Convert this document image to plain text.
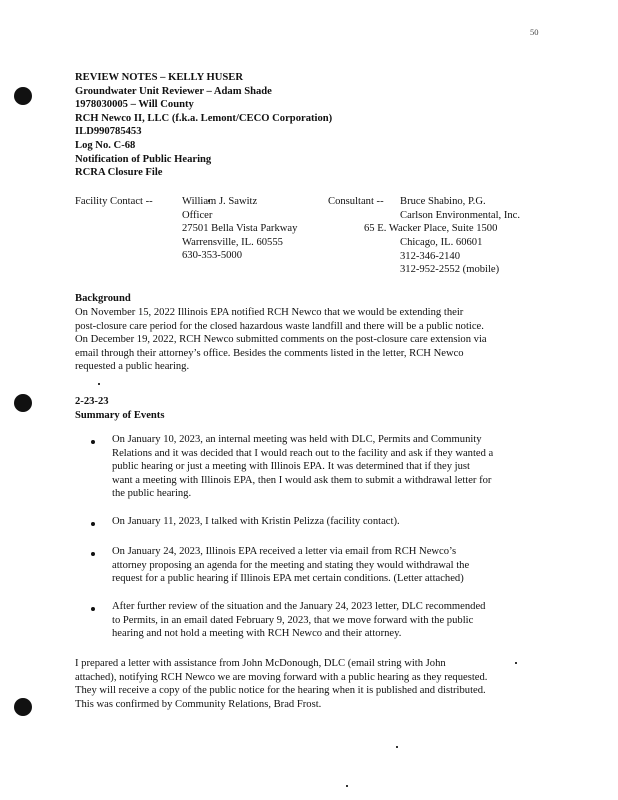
50
REVIEW NOTES – KELLY HUSER
Groundwater Unit Reviewer – Adam Shade
1978030005 – Will County
RCH Newco II, LLC (f.k.a. Lemont/CECO Corporation)
ILD990785453
Log No. C-68
Notification of Public Hearing
RCRA Closure File
Facility Contact --	William J. Sawitz
Officer
27501 Bella Vista Parkway
Warrensville, IL. 60555
630-353-5000
Consultant -- Bruce Shabino, P.G.
Carlson Environmental, Inc.
65 E. Wacker Place, Suite 1500
Chicago, IL. 60601
312-346-2140
312-952-2552 (mobile)
Background
On November 15, 2022 Illinois EPA notified RCH Newco that we would be extending their
post-closure care period for the closed hazardous waste landfill and there will be a public notice.
On December 19, 2022, RCH Newco submitted comments on the post-closure care extension via
email through their attorney’s office. Besides the comments listed in the letter, RCH Newco
requested a public hearing.
2-23-23
Summary of Events
On January 10, 2023, an internal meeting was held with DLC, Permits and Community
Relations and it was decided that I would reach out to the facility and ask if they wanted a
public hearing or just a meeting with Illinois EPA. It was determined that if they just
want a meeting with Illinois EPA, then I would ask them to submit a withdrawal letter for
the public hearing.
On January 11, 2023, I talked with Kristin Pelizza (facility contact).
On January 24, 2023, Illinois EPA received a letter via email from RCH Newco’s
attorney proposing an agenda for the meeting and stating they would withdrawal the
request for a public hearing if Illinois EPA met certain conditions. (Letter attached)
After further review of the situation and the January 24, 2023 letter, DLC recommended
to Permits, in an email dated February 9, 2023, that we move forward with the public
hearing and not hold a meeting with RCH Newco and their attorney.
I prepared a letter with assistance from John McDonough, DLC (email string with John
attached), notifying RCH Newco we are moving forward with a public hearing as they requested.
They will receive a copy of the public notice for the hearing when it is published and distributed.
This was confirmed by Community Relations, Brad Frost.
